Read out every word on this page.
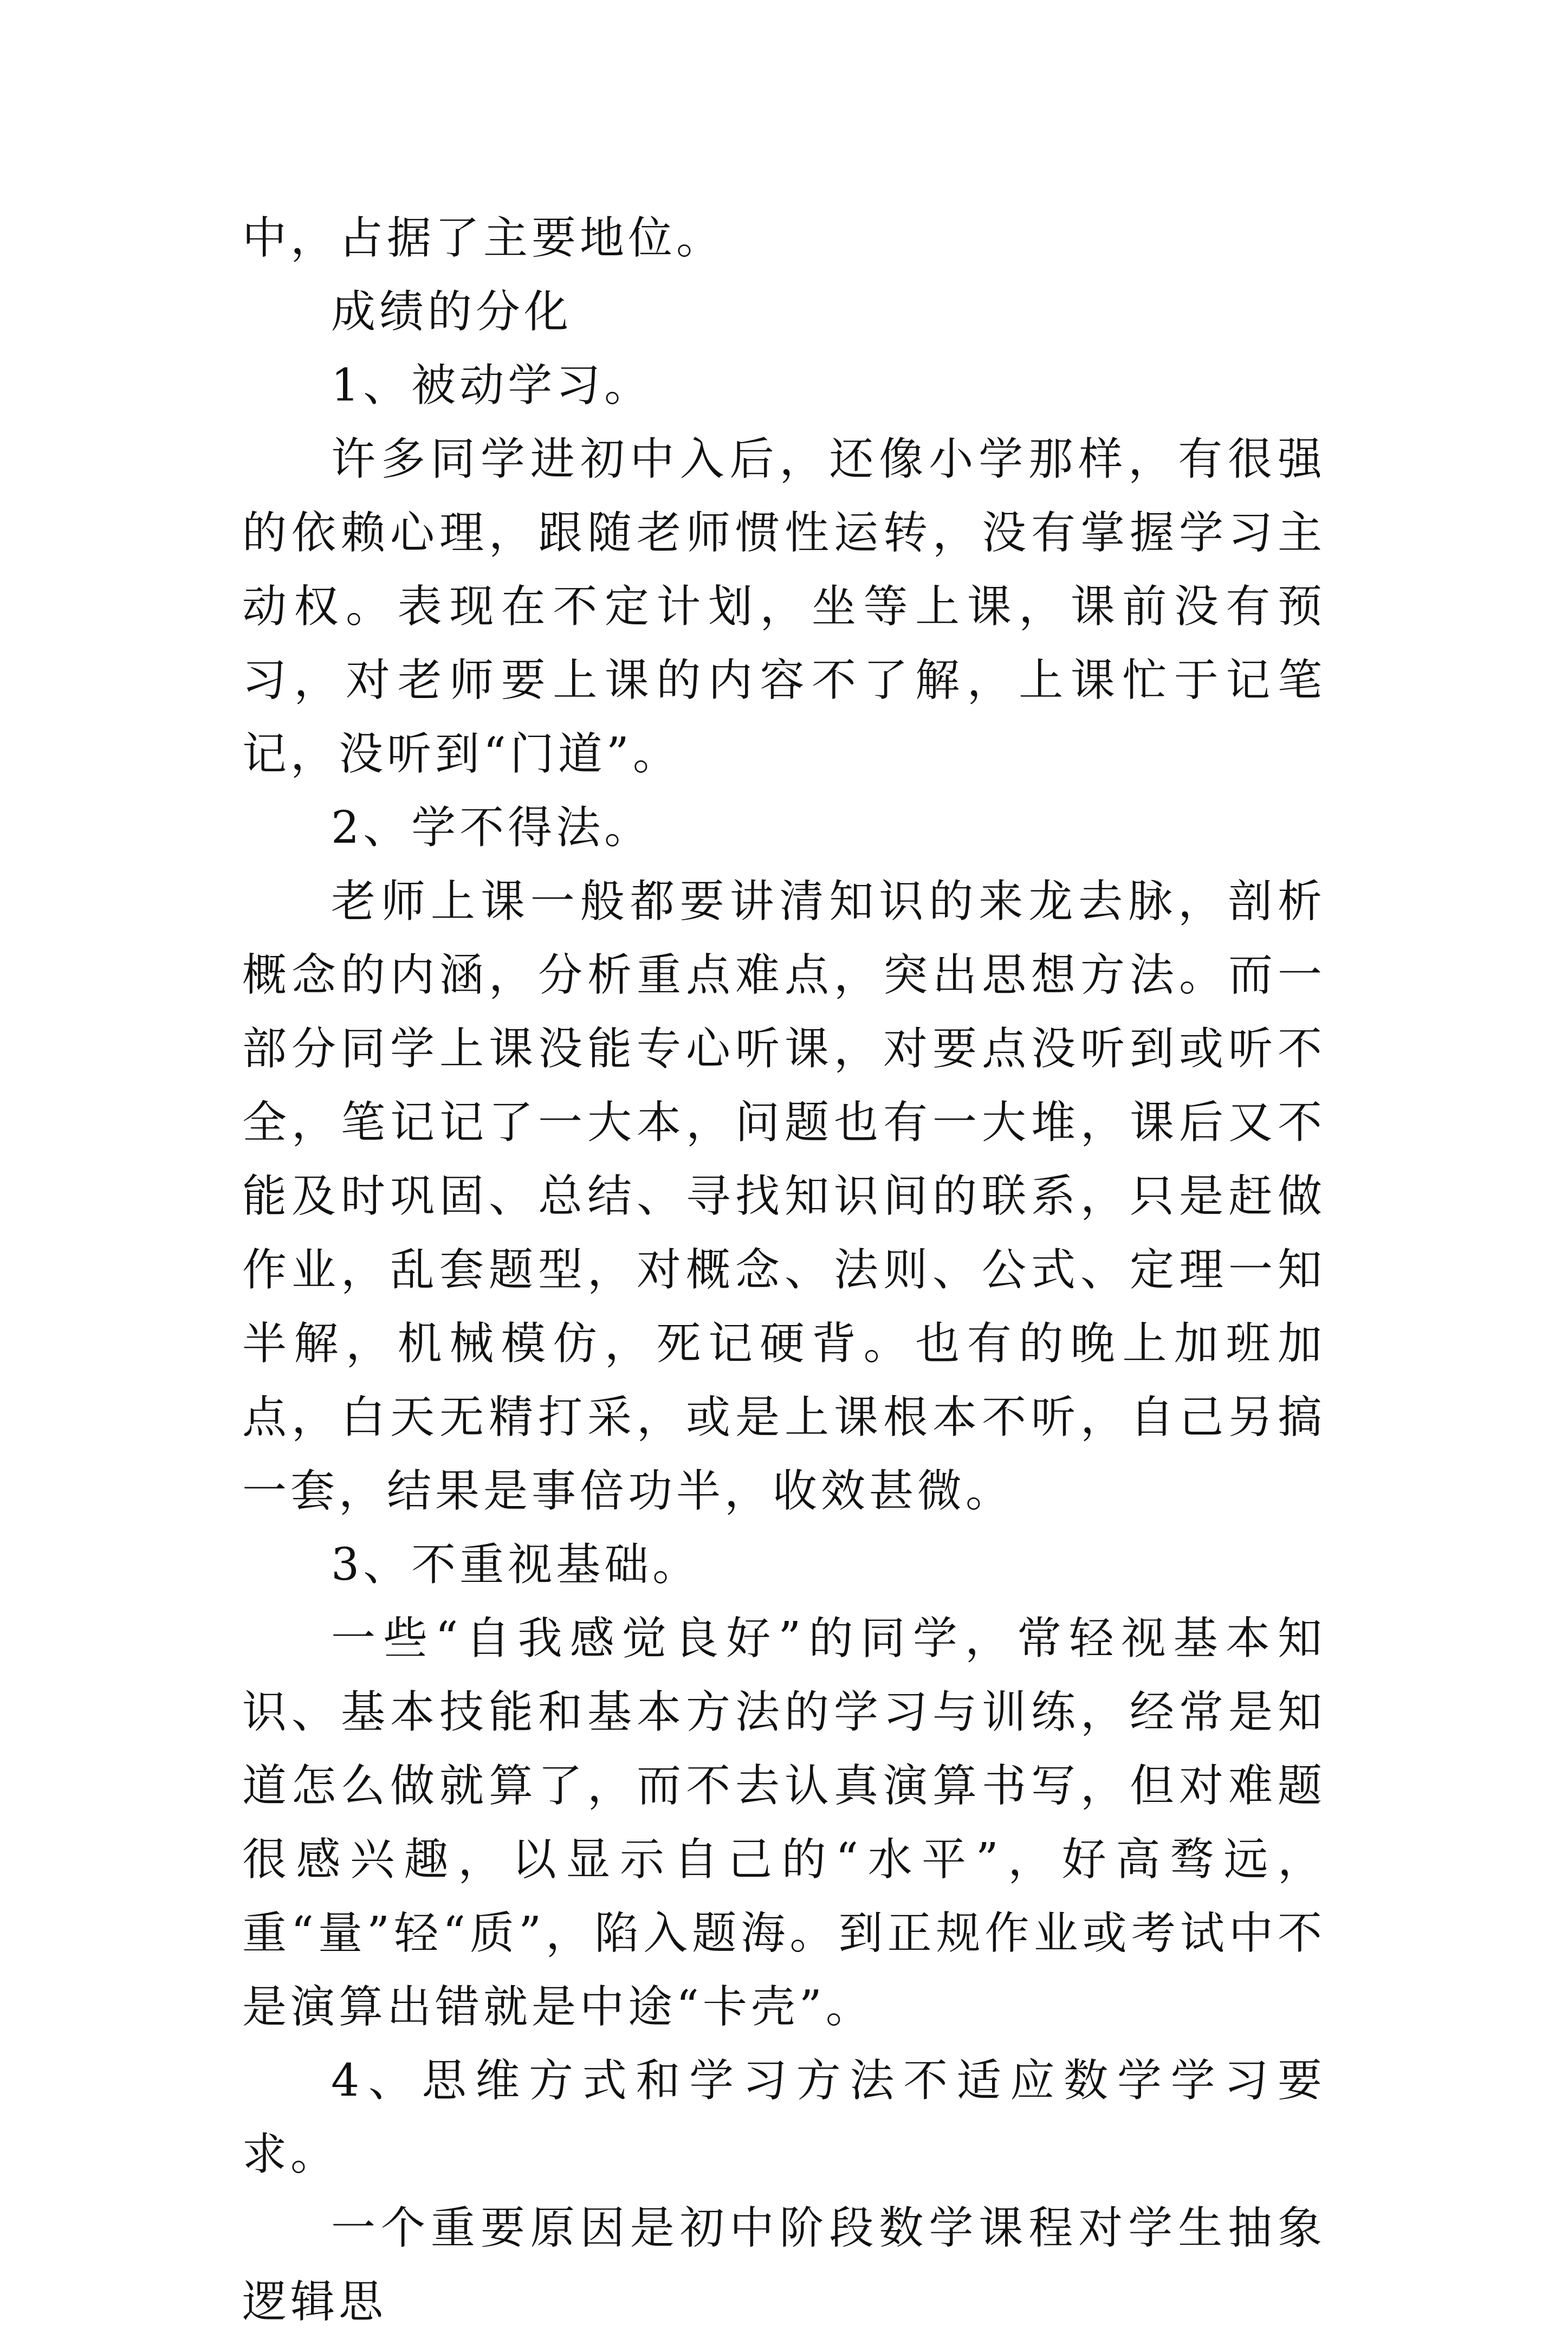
中，占据了主要地位。

成绩的分化

1、被动学习。

许多同学进初中入后，还像小学那样，有很强的依赖心理，跟随老师惯性运转，没有掌握学习主动权。表现在不定计划，坐等上课，课前没有预习，对老师要上课的内容不了解，上课忙于记笔记，没听到“门道”。

2、学不得法。

老师上课一般都要讲清知识的来龙去脉，剖析概念的内涵，分析重点难点，突出思想方法。而一部分同学上课没能专心听课，对要点没听到或听不全，笔记记了一大本，问题也有一大堆，课后又不能及时巩固、总结、寻找知识间的联系，只是赶做作业，乱套题型，对概念、法则、公式、定理一知半解，机械模仿，死记硬背。也有的晚上加班加点，白天无精打采，或是上课根本不听，自己另搞一套，结果是事倍功半，收效甚微。

3、不重视基础。

一些“自我感觉良好”的同学，常轻视基本知识、基本技能和基本方法的学习与训练，经常是知道怎么做就算了，而不去认真演算书写，但对难题很感兴趣，以显示自己的“水平”，好高骛远，重“量”轻“质”，陷入题海。到正规作业或考试中不是演算出错就是中途“卡壳”。

4、思维方式和学习方法不适应数学学习要求。

一个重要原因是初中阶段数学课程对学生抽象逻辑思
